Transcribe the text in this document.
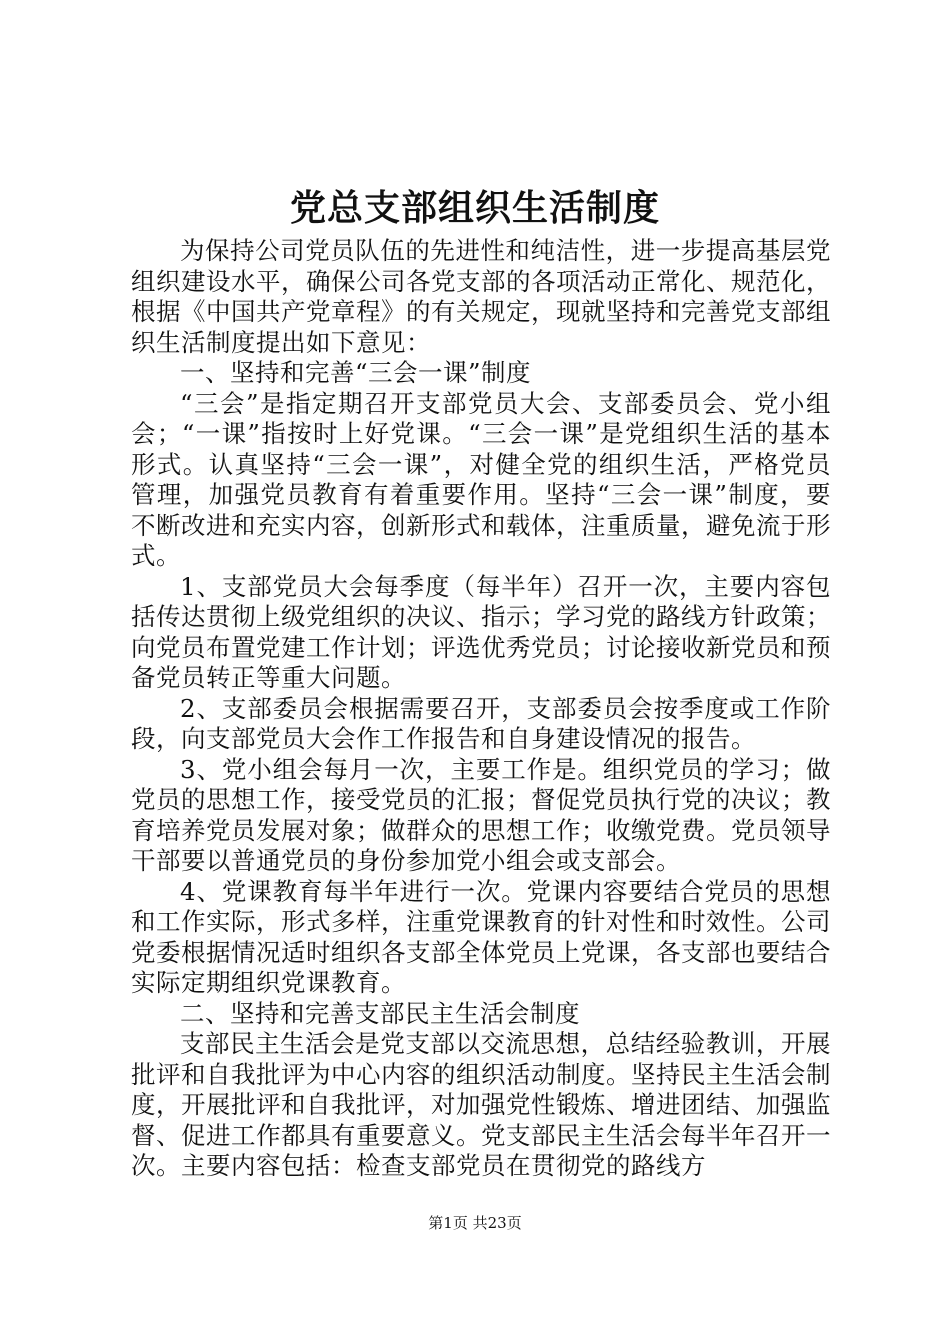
党总支部组织生活制度

为保持公司党员队伍的先进性和纯洁性，进一步提高基层党组织建设水平，确保公司各党支部的各项活动正常化、规范化，根据《中国共产党章程》的有关规定，现就坚持和完善党支部组织生活制度提出如下意见：

一、坚持和完善“三会一课”制度

“三会”是指定期召开支部党员大会、支部委员会、党小组会；“一课”指按时上好党课。“三会一课”是党组织生活的基本形式。认真坚持“三会一课”，对健全党的组织生活，严格党员管理，加强党员教育有着重要作用。坚持“三会一课”制度，要不断改进和充实内容，创新形式和载体，注重质量，避免流于形式。

1、支部党员大会每季度（每半年）召开一次，主要内容包括传达贯彻上级党组织的决议、指示；学习党的路线方针政策；向党员布置党建工作计划；评选优秀党员；讨论接收新党员和预备党员转正等重大问题。

2、支部委员会根据需要召开，支部委员会按季度或工作阶段，向支部党员大会作工作报告和自身建设情况的报告。

3、党小组会每月一次，主要工作是。组织党员的学习；做党员的思想工作，接受党员的汇报；督促党员执行党的决议；教育培养党员发展对象；做群众的思想工作；收缴党费。党员领导干部要以普通党员的身份参加党小组会或支部会。

4、党课教育每半年进行一次。党课内容要结合党员的思想和工作实际，形式多样，注重党课教育的针对性和时效性。公司党委根据情况适时组织各支部全体党员上党课，各支部也要结合实际定期组织党课教育。

二、坚持和完善支部民主生活会制度

支部民主生活会是党支部以交流思想，总结经验教训，开展批评和自我批评为中心内容的组织活动制度。坚持民主生活会制度，开展批评和自我批评，对加强党性锻炼、增进团结、加强监督、促进工作都具有重要意义。党支部民主生活会每半年召开一次。主要内容包括：检查支部党员在贯彻党的路线方

第1页 共23页
